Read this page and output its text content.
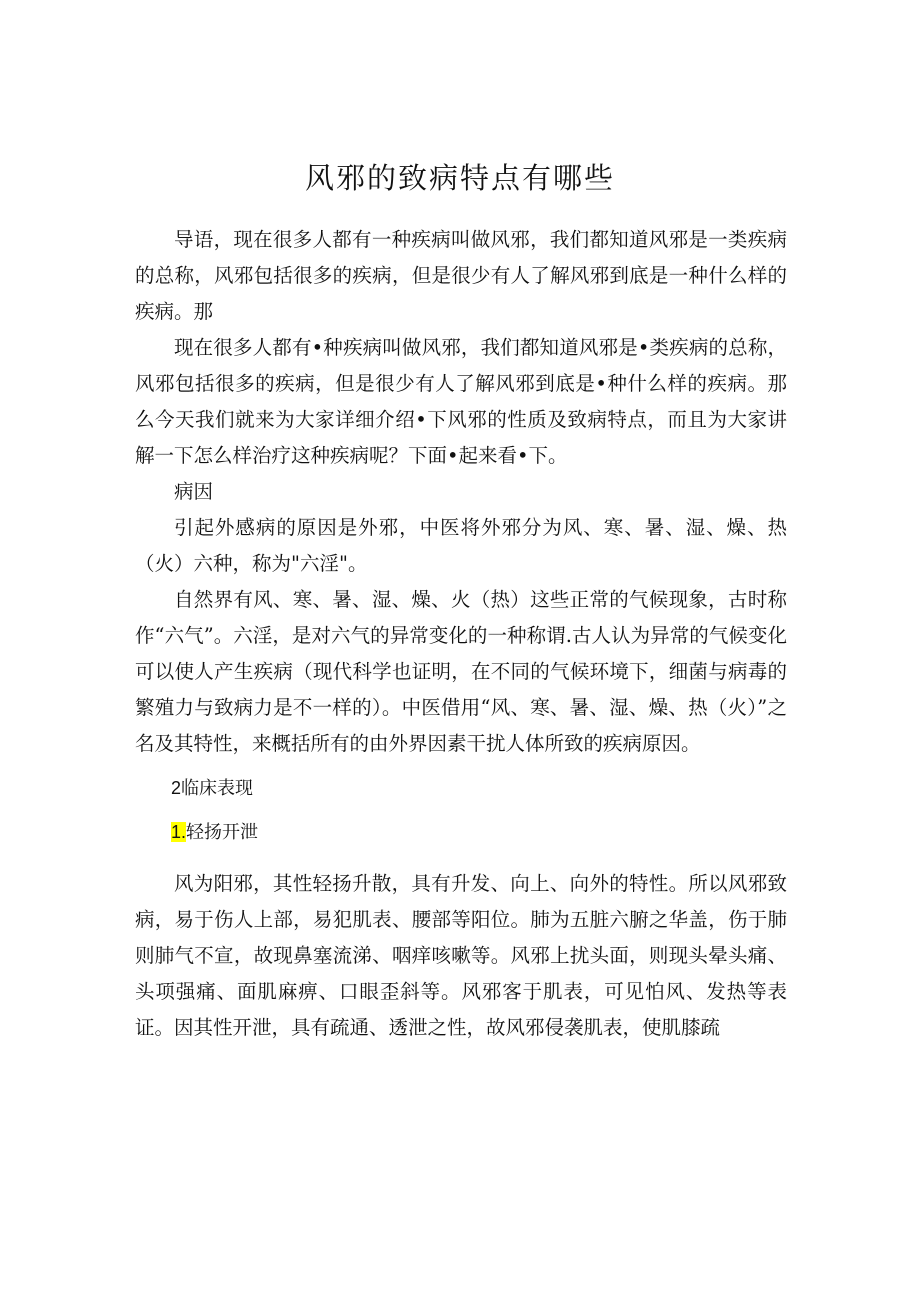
风邪的致病特点有哪些

导语，现在很多人都有一种疾病叫做风邪，我们都知道风邪是一类疾病的总称，风邪包括很多的疾病，但是很少有人了解风邪到底是一种什么样的疾病。那

现在很多人都有•种疾病叫做风邪，我们都知道风邪是•类疾病的总称，风邪包括很多的疾病，但是很少有人了解风邪到底是•种什么样的疾病。那么今天我们就来为大家详细介绍•下风邪的性质及致病特点，而且为大家讲解一下怎么样治疗这种疾病呢？下面•起来看•下。

病因

引起外感病的原因是外邪，中医将外邪分为风、寒、暑、湿、燥、热（火）六种，称为"六淫"。

自然界有风、寒、暑、湿、燥、火（热）这些正常的气候现象，古时称作“六气”。六淫，是对六气的异常变化的一种称谓.古人认为异常的气候变化可以使人产生疾病（现代科学也证明，在不同的气候环境下，细菌与病毒的繁殖力与致病力是不一样的）。中医借用“风、寒、暑、湿、燥、热（火）”之名及其特性，来概括所有的由外界因素干扰人体所致的疾病原因。

2临床表现

1.轻扬开泄

风为阳邪，其性轻扬升散，具有升发、向上、向外的特性。所以风邪致病，易于伤人上部，易犯肌表、腰部等阳位。肺为五脏六腑之华盖，伤于肺则肺气不宣，故现鼻塞流涕、咽痒咳嗽等。风邪上扰头面，则现头晕头痛、头项强痛、面肌麻痹、口眼歪斜等。风邪客于肌表，可见怕风、发热等表证。因其性开泄，具有疏通、透泄之性，故风邪侵袭肌表，使肌膝疏
